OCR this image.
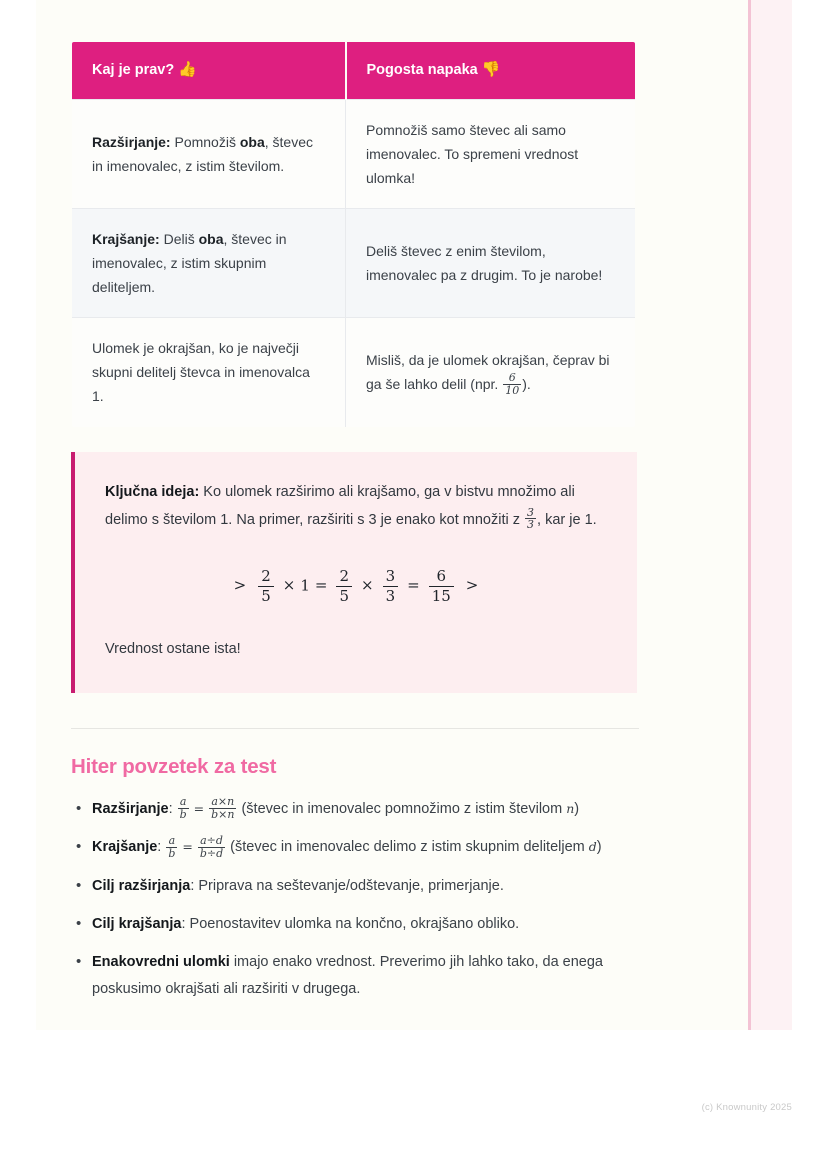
Kaj je prav? 👍	Pogosta napaka 👎
Razširjanje: Pomnožiš oba, števec in imenovalec, z istim številom.	Pomnožiš samo števec ali samo imenovalec. To spremeni vrednost ulomka!
Krajšanje: Deliš oba, števec in imenovalec, z istim skupnim deliteljem.	Deliš števec z enim številom, imenovalec pa z drugim. To je narobe!
Ulomek je okrajšan, ko je največji skupni delitelj števca in imenovalca 1.	Misliš, da je ulomek okrajšan, čeprav bi ga še lahko delil (npr. $\frac{6}{10}$ ).

Ključna ideja: Ko ulomek razširimo ali krajšamo, ga v bistvu množimo ali delimo s številom 1. Na primer, razširiti s 3 je enako kot množiti z $\frac{3}{3}$ , kar je 1.

> $\frac{2}{5} \times 1 = \frac{2}{5} \times \frac{3}{3} = \frac{6}{15}$ >

Vrednost ostane ista!

Hiter povzetek za test
• Razširjanje: $\frac{a}{b} = \frac{a\times n}{b\times n}$ (števec in imenovalec pomnožimo z istim številom n)
• Krajšanje: $\frac{a}{b} = \frac{a\div d}{b\div d}$ (števec in imenovalec delimo z istim skupnim deliteljem d)
• Cilj razširjanja: Priprava na seštevanje/odštevanje, primerjanje.
• Cilj krajšanja: Poenostavitev ulomka na končno, okrajšano obliko.
• Enakovredni ulomki imajo enako vrednost. Preverimo jih lahko tako, da enega poskusimo okrajšati ali razširiti v drugega.
(c) Knownunity 2025
